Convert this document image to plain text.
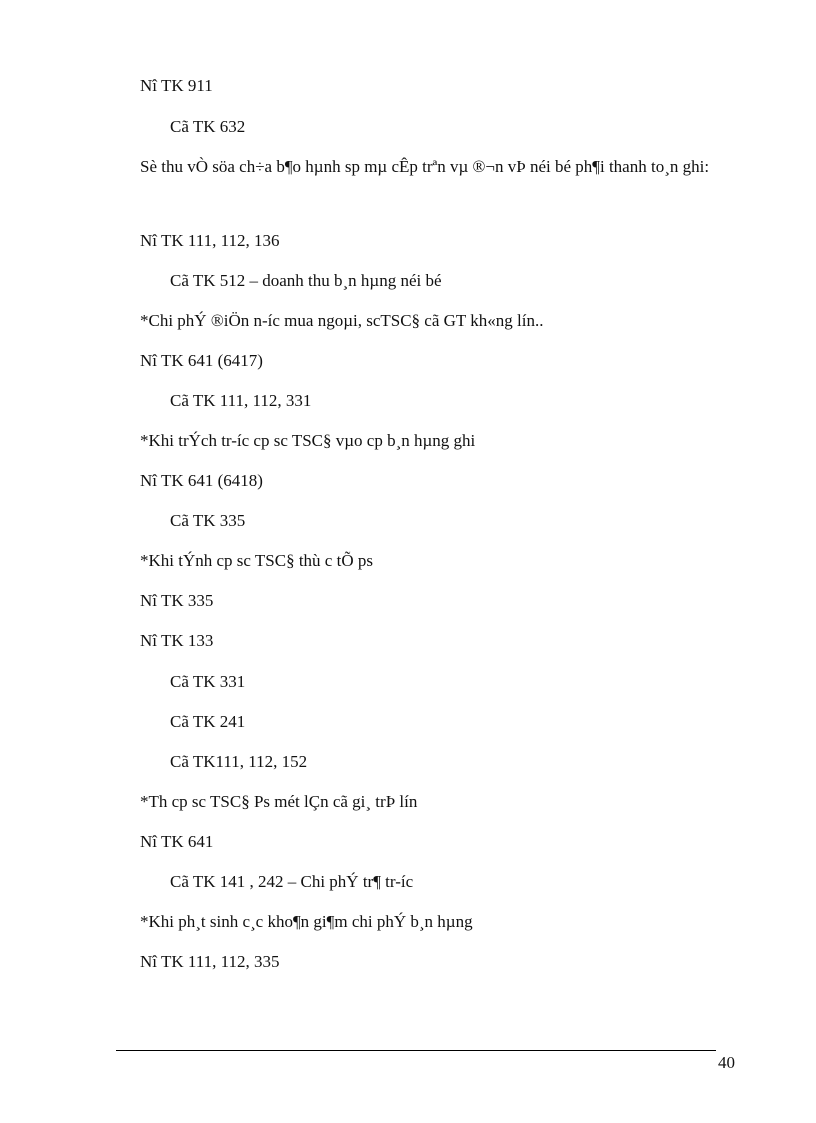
Nî TK 911
Cã TK 632
Sè thu vÒ söa ch÷a b¶o hµnh sp mµ cÊp trªn vµ ®¬n vÞ néi bé ph¶i thanh to¸n ghi:
Nî TK 111, 112, 136
Cã TK 512 – doanh thu b¸n hµng néi bé
*Chi phÝ ®iÖn n-íc mua ngoµi, scTSC§ cã GT kh«ng lín..
Nî TK 641 (6417)
Cã TK 111, 112, 331
*Khi trÝch tr-íc cp sc TSC§ vµo cp b¸n hµng ghi
Nî TK 641 (6418)
Cã TK 335
*Khi tÝnh cp sc TSC§ thù c tÕ ps
Nî TK 335
Nî TK 133
Cã TK 331
Cã TK 241
Cã TK111, 112, 152
*Th cp sc TSC§ Ps mét lÇn cã gi¸ trÞ lín
Nî TK 641
Cã TK 141 , 242 – Chi phÝ tr¶ tr-íc
*Khi ph¸t sinh c¸c kho¶n gi¶m chi phÝ b¸n hµng
Nî TK 111, 112, 335
40
